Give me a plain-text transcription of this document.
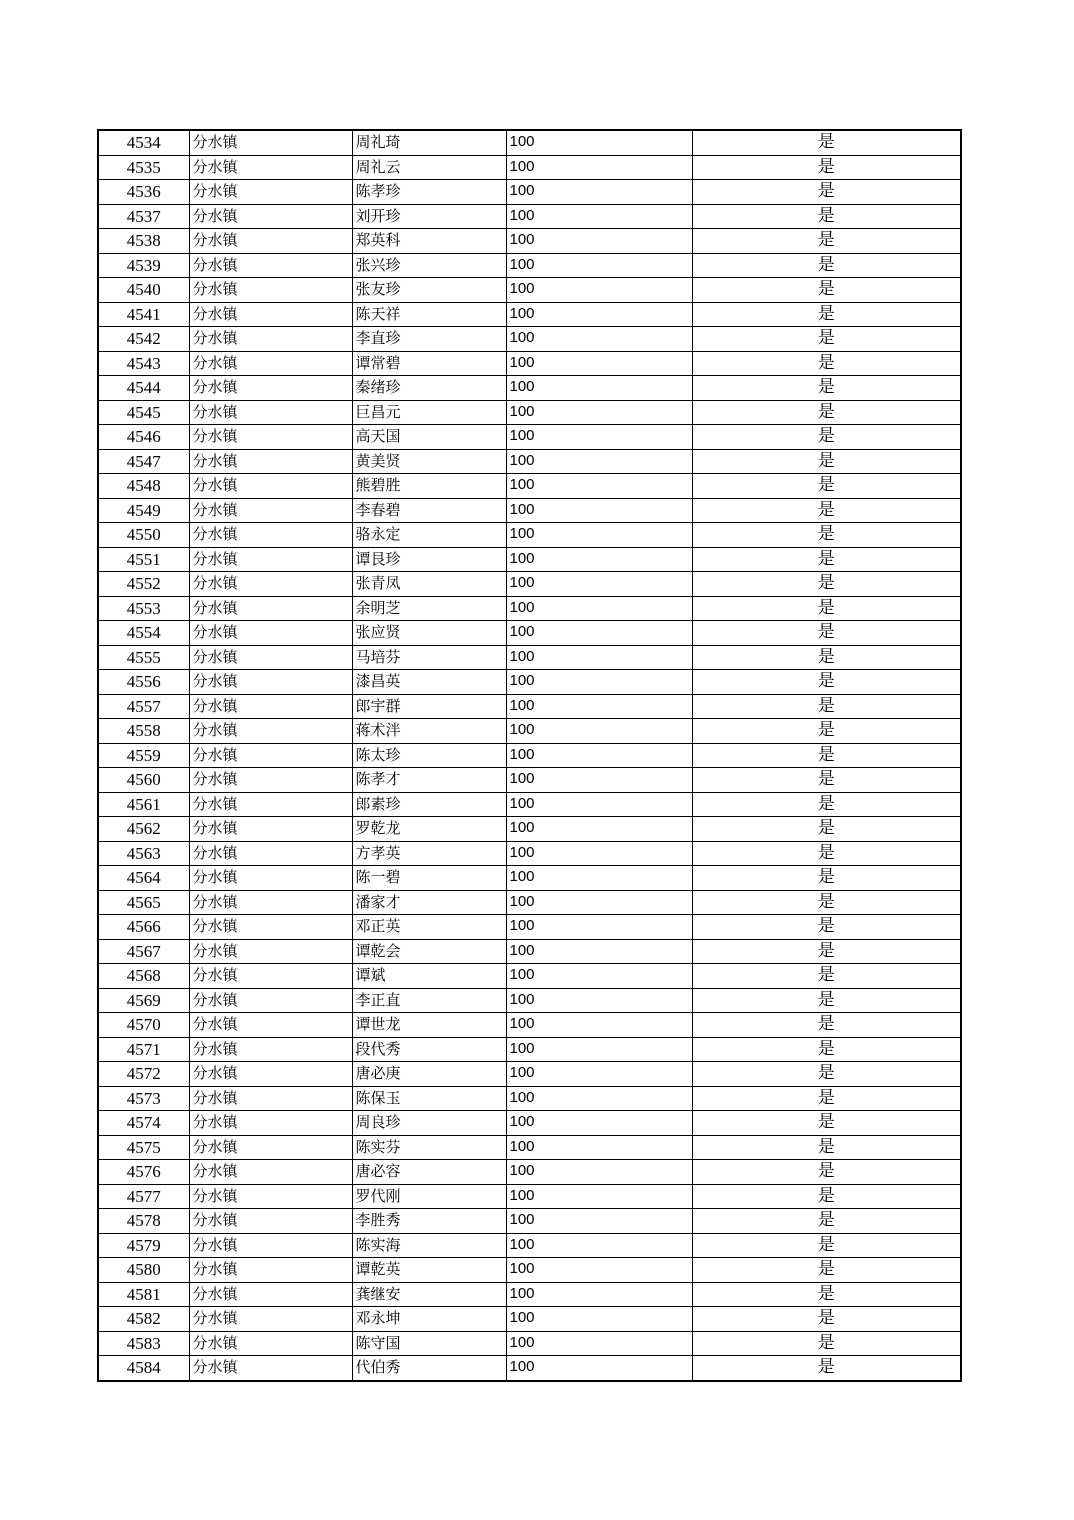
4534	分水镇	周礼琦	100	是
4535	分水镇	周礼云	100	是
4536	分水镇	陈孝珍	100	是
4537	分水镇	刘开珍	100	是
4538	分水镇	郑英科	100	是
4539	分水镇	张兴珍	100	是
4540	分水镇	张友珍	100	是
4541	分水镇	陈天祥	100	是
4542	分水镇	李直珍	100	是
4543	分水镇	谭常碧	100	是
4544	分水镇	秦绪珍	100	是
4545	分水镇	巨昌元	100	是
4546	分水镇	高天国	100	是
4547	分水镇	黄美贤	100	是
4548	分水镇	熊碧胜	100	是
4549	分水镇	李春碧	100	是
4550	分水镇	骆永定	100	是
4551	分水镇	谭艮珍	100	是
4552	分水镇	张青凤	100	是
4553	分水镇	余明芝	100	是
4554	分水镇	张应贤	100	是
4555	分水镇	马培芬	100	是
4556	分水镇	漆昌英	100	是
4557	分水镇	郎宇群	100	是
4558	分水镇	蒋术泮	100	是
4559	分水镇	陈太珍	100	是
4560	分水镇	陈孝才	100	是
4561	分水镇	郎素珍	100	是
4562	分水镇	罗乾龙	100	是
4563	分水镇	方孝英	100	是
4564	分水镇	陈一碧	100	是
4565	分水镇	潘家才	100	是
4566	分水镇	邓正英	100	是
4567	分水镇	谭乾会	100	是
4568	分水镇	谭斌	100	是
4569	分水镇	李正直	100	是
4570	分水镇	谭世龙	100	是
4571	分水镇	段代秀	100	是
4572	分水镇	唐必庚	100	是
4573	分水镇	陈保玉	100	是
4574	分水镇	周良珍	100	是
4575	分水镇	陈实芬	100	是
4576	分水镇	唐必容	100	是
4577	分水镇	罗代刚	100	是
4578	分水镇	李胜秀	100	是
4579	分水镇	陈实海	100	是
4580	分水镇	谭乾英	100	是
4581	分水镇	龚继安	100	是
4582	分水镇	邓永坤	100	是
4583	分水镇	陈守国	100	是
4584	分水镇	代伯秀	100	是
